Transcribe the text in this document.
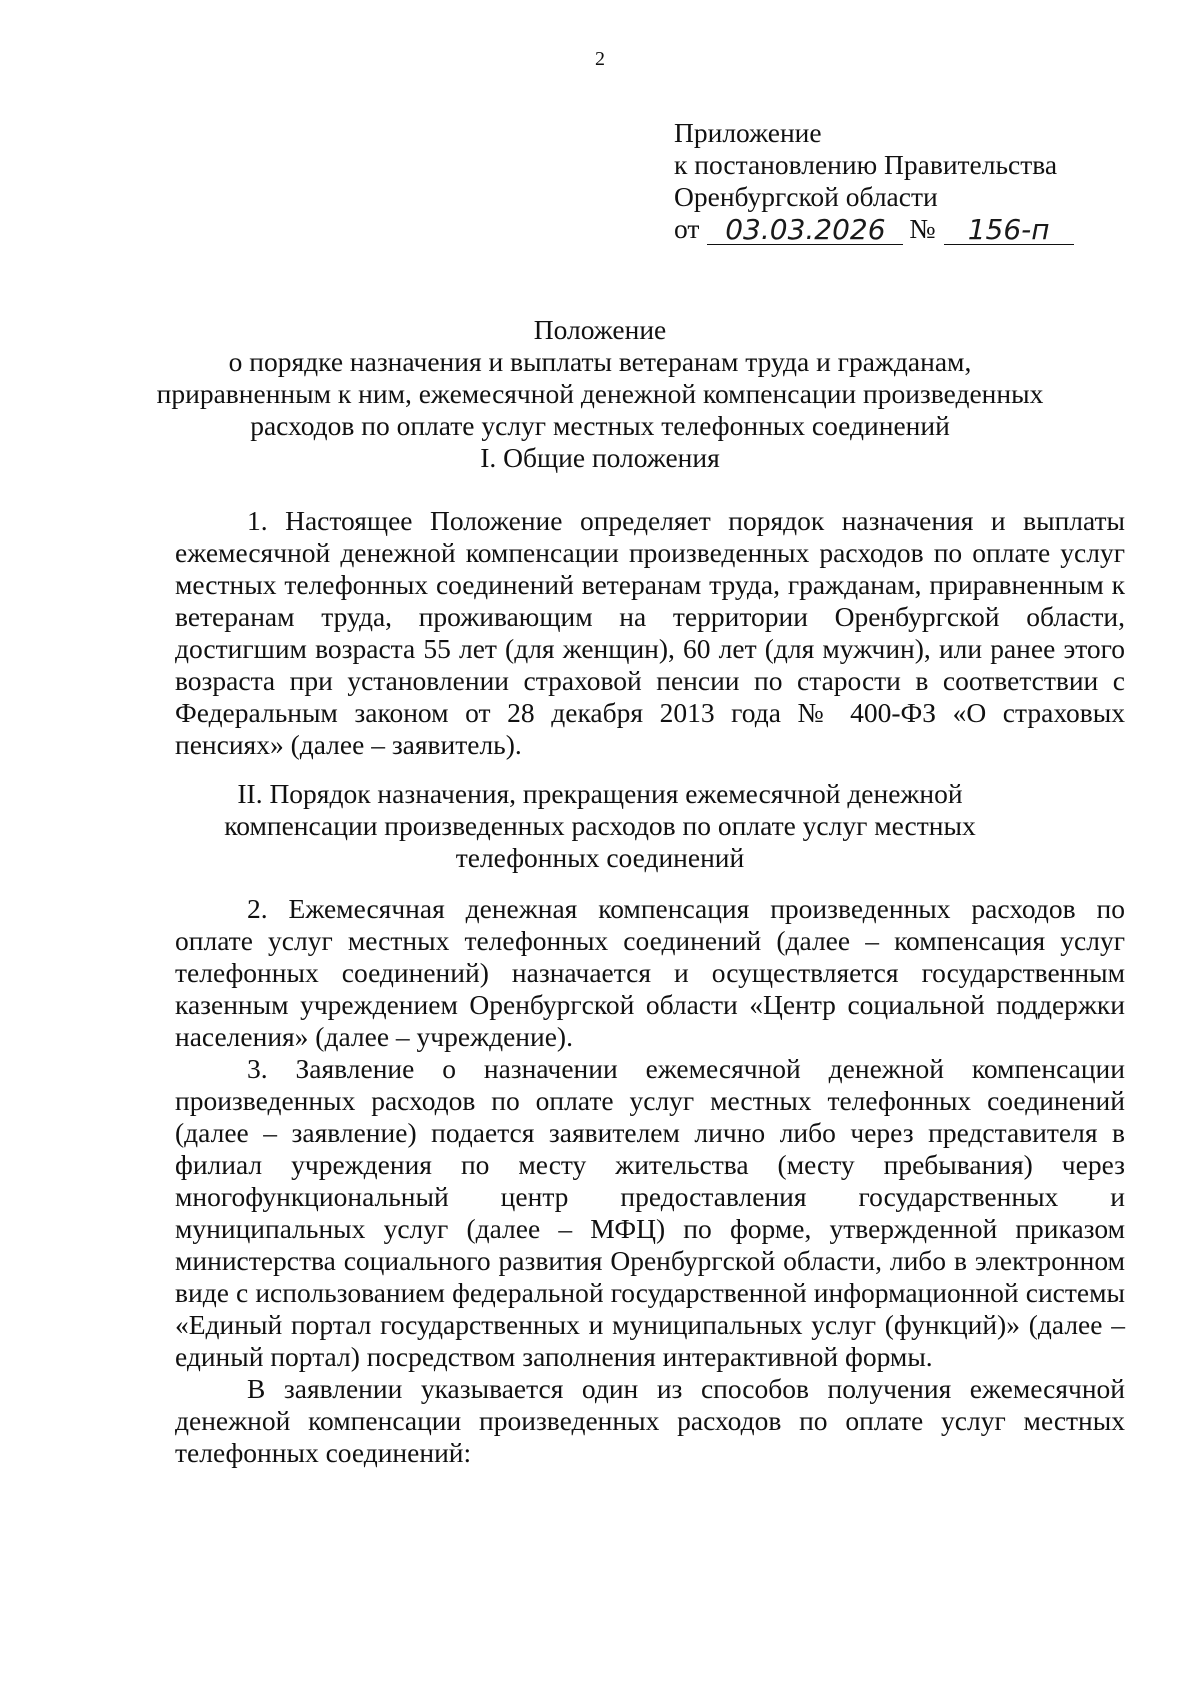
2
Приложение
к постановлению Правительства
Оренбургской области
от 03.03.2026 №	156-п
Положение
о порядке назначения и выплаты ветеранам труда и гражданам,
приравненным к ним, ежемесячной денежной компенсации произведенных
расходов по оплате услуг местных телефонных соединений
I. Общие положения

1. Настоящее Положение определяет порядок назначения и выплаты ежемесячной денежной компенсации произведенных расходов по оплате услуг местных телефонных соединений ветеранам труда, гражданам, приравненным к ветеранам труда, проживающим на территории Оренбургской области, достигшим возраста 55 лет (для женщин), 60 лет (для мужчин), или ранее этого возраста при установлении страховой пенсии по старости в соответствии с Федеральным законом от 28 декабря 2013 года № 400-ФЗ «О страховых пенсиях» (далее – заявитель).

II. Порядок назначения, прекращения ежемесячной денежной
компенсации произведенных расходов по оплате услуг местных
телефонных соединений

2. Ежемесячная денежная компенсация произведенных расходов по оплате услуг местных телефонных соединений (далее – компенсация услуг телефонных соединений) назначается и осуществляется государственным казенным учреждением Оренбургской области «Центр социальной поддержки населения» (далее – учреждение).

3. Заявление о назначении ежемесячной денежной компенсации произведенных расходов по оплате услуг местных телефонных соединений (далее – заявление) подается заявителем лично либо через представителя в филиал учреждения по месту жительства (месту пребывания) через многофункциональный центр предоставления государственных и муниципальных услуг (далее – МФЦ) по форме, утвержденной приказом министерства социального развития Оренбургской области, либо в электронном виде с использованием федеральной государственной информационной системы «Единый портал государственных и муниципальных услуг (функций)» (далее – единый портал) посредством заполнения интерактивной формы.

В заявлении указывается один из способов получения ежемесячной денежной компенсации произведенных расходов по оплате услуг местных телефонных соединений:
